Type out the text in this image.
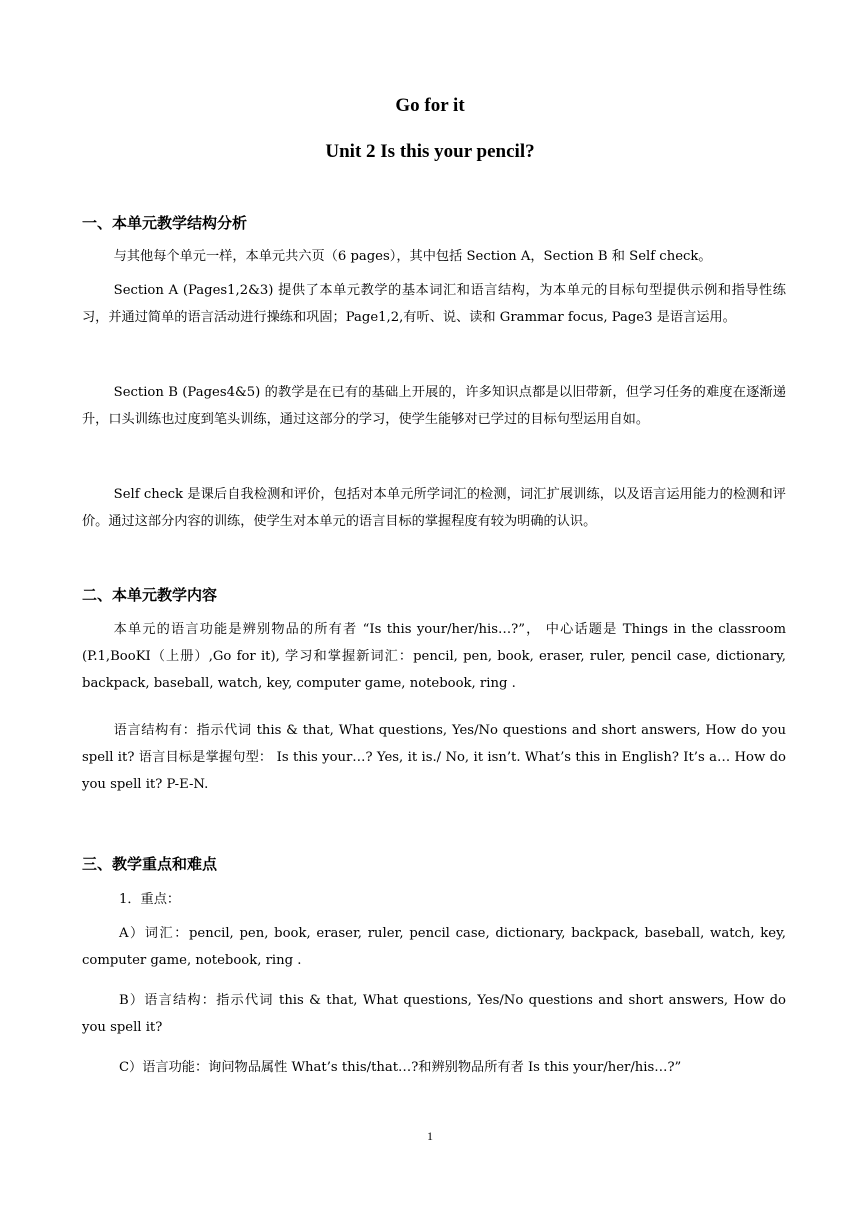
Go for it
Unit 2 Is this your pencil?
一、本单元教学结构分析

与其他每个单元一样，本单元共六页（6 pages），其中包括 Section A，Section B 和 Self check。

Section A (Pages1,2&3) 提供了本单元教学的基本词汇和语言结构，为本单元的目标句型提供示例和指导性练习，并通过简单的语言活动进行操练和巩固；Page1,2,有听、说、读和 Grammar focus, Page3 是语言运用。

Section B (Pages4&5) 的教学是在已有的基础上开展的，许多知识点都是以旧带新，但学习任务的难度在逐渐递升，口头训练也过度到笔头训练，通过这部分的学习，使学生能够对已学过的目标句型运用自如。

Self check 是课后自我检测和评价，包括对本单元所学词汇的检测，词汇扩展训练，以及语言运用能力的检测和评价。通过这部分内容的训练，使学生对本单元的语言目标的掌握程度有较为明确的认识。

二、本单元教学内容

本单元的语言功能是辨别物品的所有者 “Is this your/her/his…?”， 中心话题是 Things in the classroom (P.1,BooKI（上册）,Go for it), 学习和掌握新词汇：pencil, pen, book, eraser, ruler, pencil case, dictionary, backpack, baseball, watch, key, computer game, notebook, ring .

语言结构有：指示代词 this & that, What questions, Yes/No questions and short answers, How do you spell it? 语言目标是掌握句型： Is this your…? Yes, it is./ No, it isn’t. What’s this in English? It’s a… How do you spell it? P-E-N.

三、教学重点和难点

1．重点：

A）词汇：pencil, pen, book, eraser, ruler, pencil case, dictionary, backpack, baseball, watch, key, computer game, notebook, ring .

B）语言结构：指示代词 this & that, What questions, Yes/No questions and short answers, How do you spell it?

C）语言功能：询问物品属性 What’s this/that…?和辨别物品所有者 Is this your/her/his…?”

1
